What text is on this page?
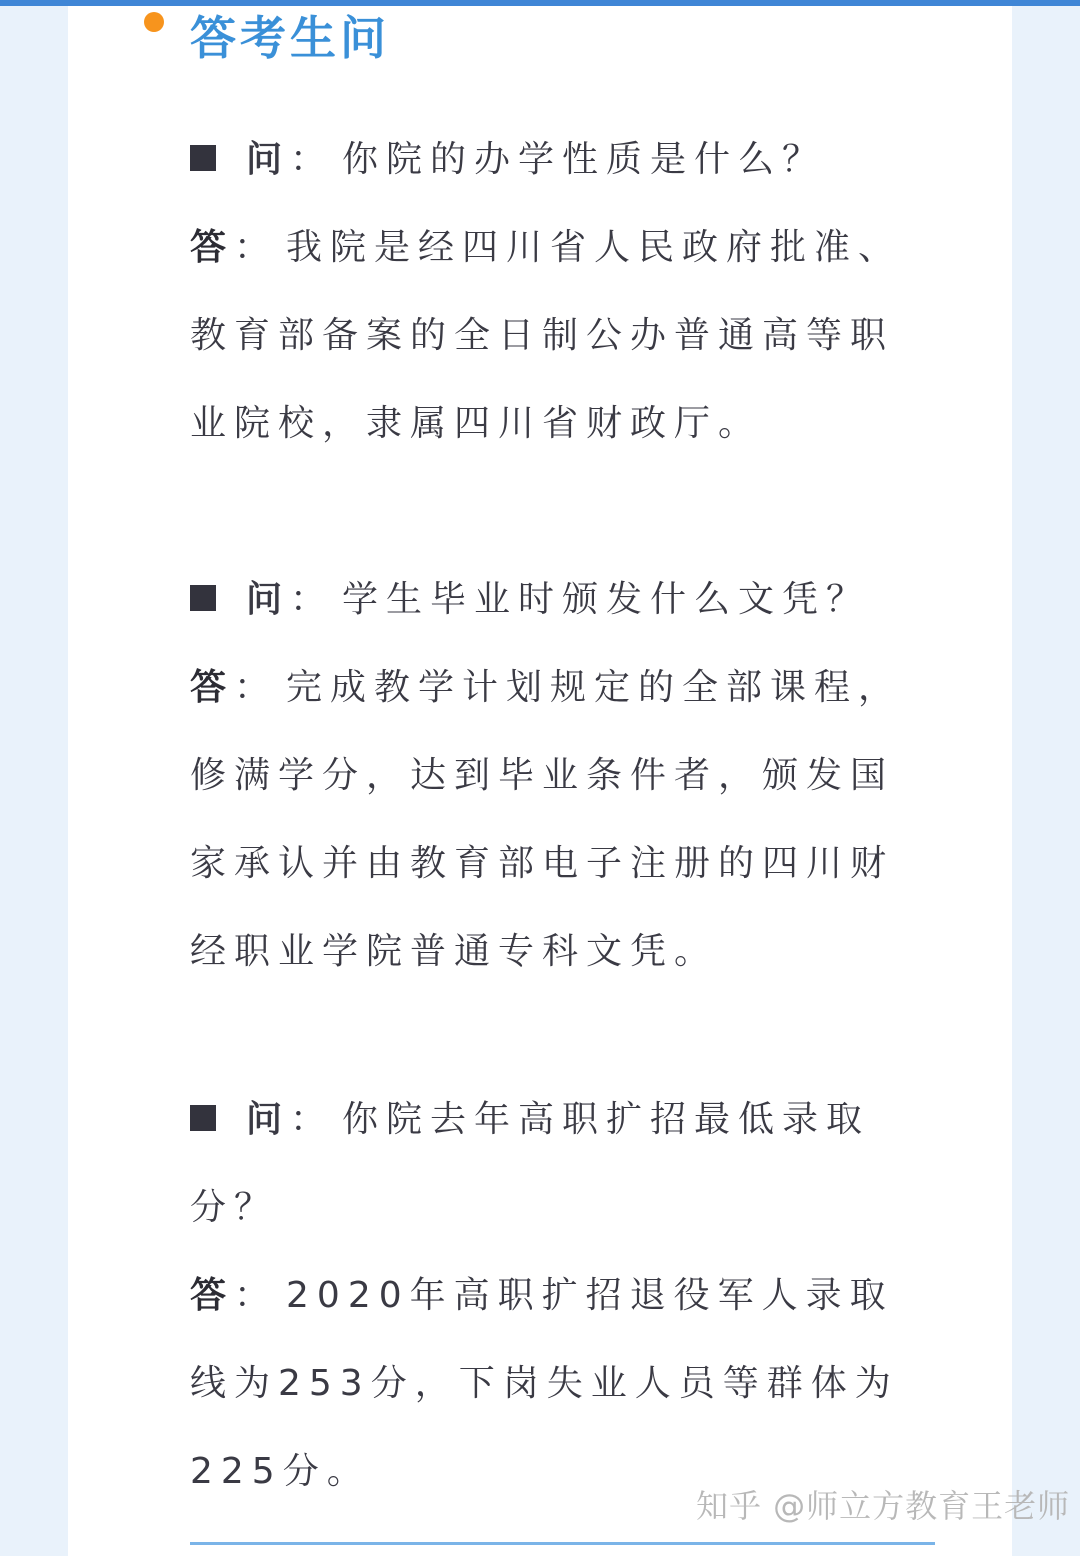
答考生问
问： 你院的办学性质是什么？
答： 我院是经四川省人民政府批准、教育部备案的全日制公办普通高等职业院校，隶属四川省财政厅。
问： 学生毕业时颁发什么文凭？
答： 完成教学计划规定的全部课程，修满学分，达到毕业条件者，颁发国家承认并由教育部电子注册的四川财经职业学院普通专科文凭。
问： 你院去年高职扩招最低录取分？
答： 2020年高职扩招退役军人录取线为253分，下岗失业人员等群体为225分。
知乎 @师立方教育王老师
